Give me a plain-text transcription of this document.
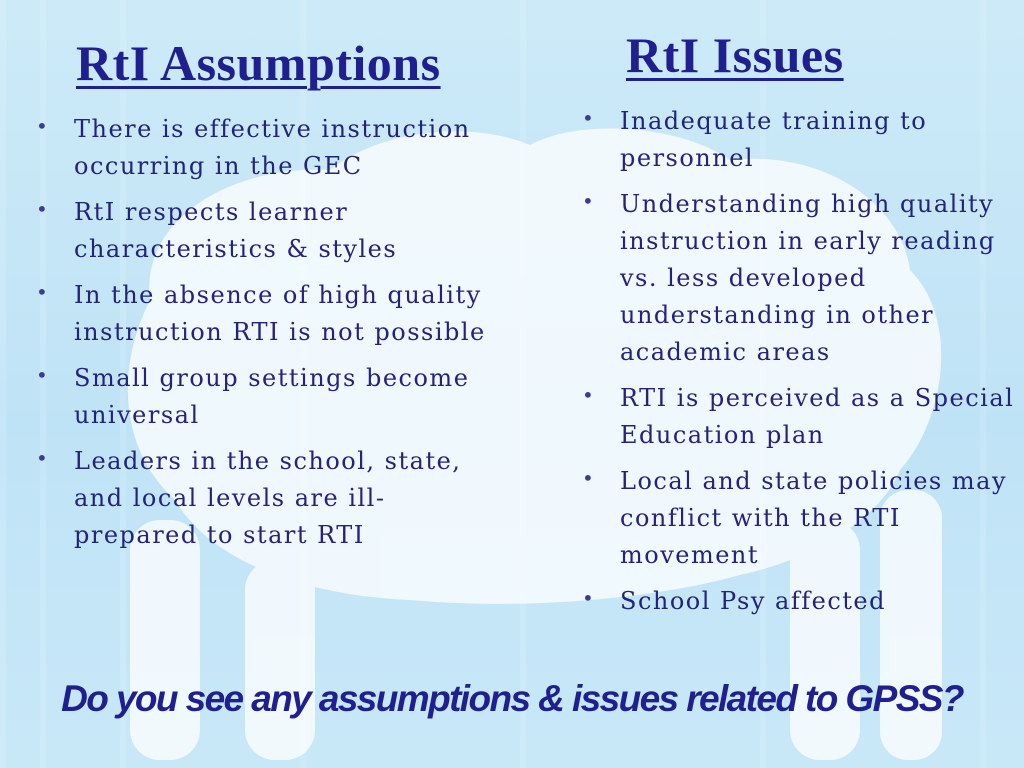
RtI Assumptions
• There is effective instruction occurring in the GEC
• RtI respects learner characteristics & styles
• In the absence of high quality instruction RTI is not possible
• Small group settings become universal
• Leaders in the school, state, and local levels are ill-prepared to start RTI
RtI Issues
• Inadequate training to personnel
• Understanding high quality instruction in early reading vs. less developed understanding in other academic areas
• RTI is perceived as a Special Education plan
• Local and state policies may conflict with the RTI movement
• School Psy affected

Do you see any assumptions & issues related to GPSS?
